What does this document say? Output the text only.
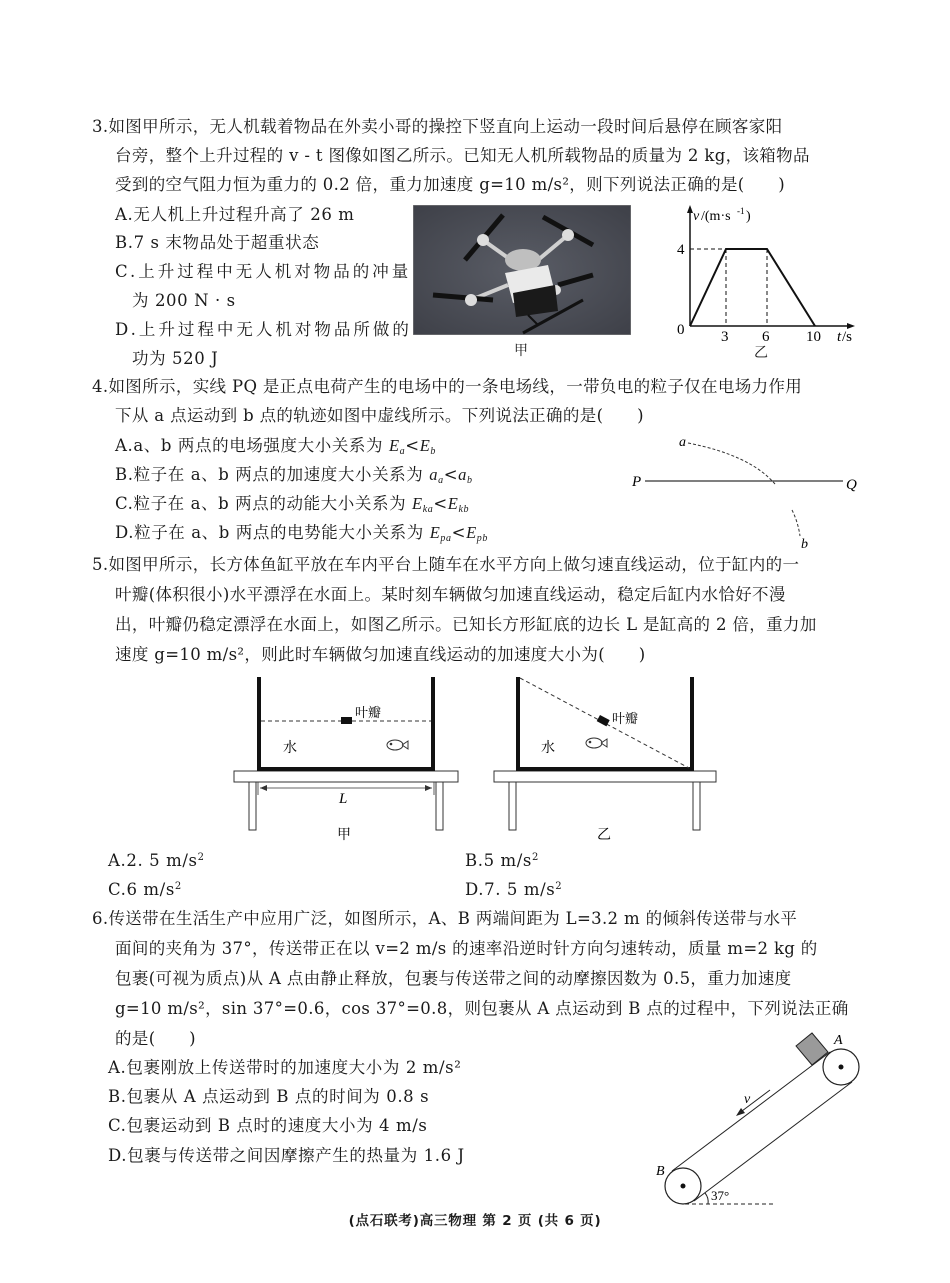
3.如图甲所示，无人机载着物品在外卖小哥的操控下竖直向上运动一段时间后悬停在顾客家阳
台旁，整个上升过程的 v - t 图像如图乙所示。已知无人机所载物品的质量为 2 kg，该箱物品
受到的空气阻力恒为重力的 0.2 倍，重力加速度 g=10 m/s²，则下列说法正确的是(　　)
A.无人机上升过程升高了 26 m
B.7 s 末物品处于超重状态
C.上升过程中无人机对物品的冲量
为 200 N · s
D.上升过程中无人机对物品所做的
功为 520 J	甲
v /(m·s -1 )
4
0 3 6 10 t /s
乙
4.如图所示，实线 PQ 是正点电荷产生的电场中的一条电场线，一带负电的粒子仅在电场力作用
下从 a 点运动到 b 点的轨迹如图中虚线所示。下列说法正确的是(　　)
A.a、b 两点的电场强度大小关系为 $E_a<E_b$
B.粒子在 a、b 两点的加速度大小关系为 $a_a<a_b$
C.粒子在 a、b 两点的动能大小关系为 $E_{ka}<E_{kb}$
D.粒子在 a、b 两点的电势能大小关系为 $E_{pa}<E_{pb}$
P	Q
a
b
5.如图甲所示，长方体鱼缸平放在车内平台上随车在水平方向上做匀速直线运动，位于缸内的一
叶瓣(体积很小)水平漂浮在水面上。某时刻车辆做匀加速直线运动，稳定后缸内水恰好不漫
出，叶瓣仍稳定漂浮在水面上，如图乙所示。已知长方形缸底的边长 L 是缸高的 2 倍，重力加
速度 g=10 m/s²，则此时车辆做匀加速直线运动的加速度大小为(　　)
L
叶瓣
水
甲
叶瓣
水
乙
A.2. 5 $m/s^2$	B.5 $m/s^2$
C.6 $m/s^2$	D.7. 5 $m/s^2$
6.传送带在生活生产中应用广泛，如图所示，A、B 两端间距为 L=3.2 m 的倾斜传送带与水平
面间的夹角为 37°，传送带正在以 v=2 m/s 的速率沿逆时针方向匀速转动，质量 m=2 kg 的
包裹(可视为质点)从 A 点由静止释放，包裹与传送带之间的动摩擦因数为 0.5，重力加速度
g=10 m/s²，sin 37°=0.6，cos 37°=0.8，则包裹从 A 点运动到 B 点的过程中，下列说法正确
的是(　　)
A.包裹刚放上传送带时的加速度大小为 2 m/s²
B.包裹从 A 点运动到 B 点的时间为 0.8 s
C.包裹运动到 B 点时的速度大小为 4 m/s
D.包裹与传送带之间因摩擦产生的热量为 1.6 J
v
37°
A
B
(点石联考)高三物理 第 2 页 (共 6 页)
